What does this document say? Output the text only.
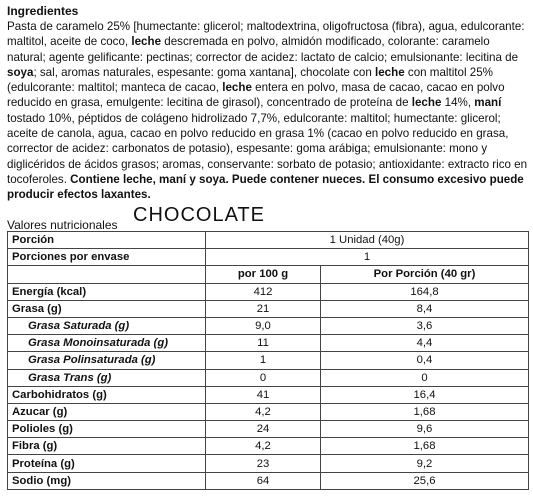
Ingredientes
Pasta de caramelo 25% [humectante: glicerol; maltodextrina, oligofructosa (fibra), agua, edulcorante: maltitol, aceite de coco, leche descremada en polvo, almidón modificado, colorante: caramelo natural; agente gelificante: pectinas; corrector de acidez: lactato de calcio; emulsionante: lecitina de soya; sal, aromas naturales, espesante: goma xantana], chocolate con leche con maltitol 25% (edulcorante: maltitol; manteca de cacao, leche entera en polvo, masa de cacao, cacao en polvo reducido en grasa, emulgente: lecitina de girasol), concentrado de proteína de leche 14%, maní tostado 10%, péptidos de colágeno hidrolizado 7,7%, edulcorante: maltitol; humectante: glicerol; aceite de canola, agua, cacao en polvo reducido en grasa 1% (cacao en polvo reducido en grasa, corrector de acidez: carbonatos de potasio), espesante: goma arábiga; emulsionante: mono y diglicéridos de ácidos grasos; aromas, conservante: sorbato de potasio; antioxidante: extracto rico en tocoferoles. Contiene leche, maní y soya. Puede contener nueces. El consumo excesivo puede producir efectos laxantes.
Valores nutricionales CHOCOLATE
Porción	1 Unidad (40g)	
Porciones por envase	1	
	por 100 g	Por Porción (40 gr)
Energía (kcal)	412	164,8
Grasa (g)	21	8,4
Grasa Saturada (g)	9,0	3,6
Grasa Monoinsaturada (g)	11	4,4
Grasa Polinsaturada (g)	1	0,4
Grasa Trans (g)	0	0
Carbohidratos (g)	41	16,4
Azucar (g)	4,2	1,68
Polioles (g)	24	9,6
Fibra (g)	4,2	1,68
Proteína (g)	23	9,2
Sodio (mg)	64	25,6
